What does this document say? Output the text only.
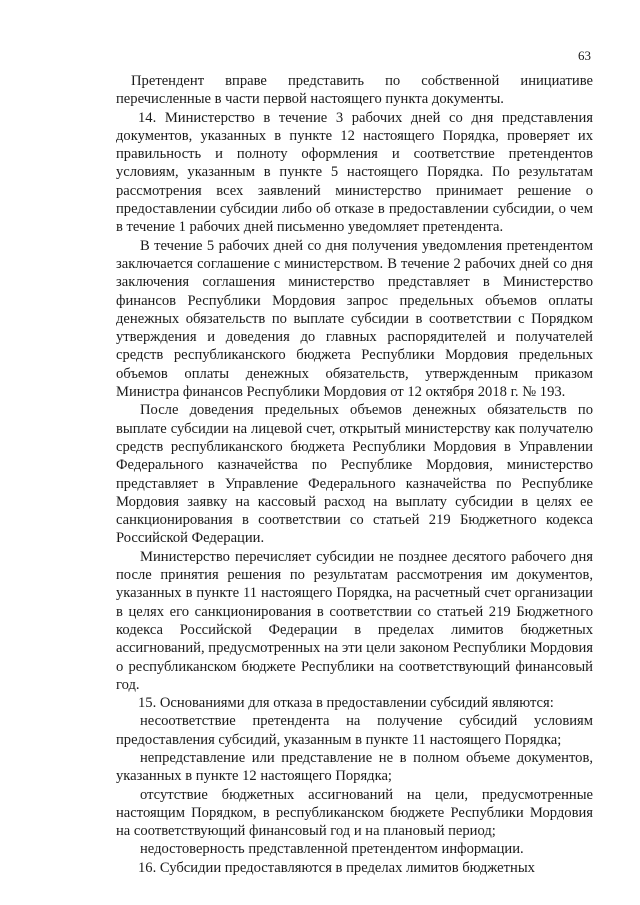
63

Претендент вправе представить по собственной инициативе перечисленные в части первой настоящего пункта документы.

14. Министерство в течение 3 рабочих дней со дня представления документов, указанных в пункте 12 настоящего Порядка, проверяет их правильность и полноту оформления и соответствие претендентов условиям, указанным в пункте 5 настоящего Порядка. По результатам рассмотрения всех заявлений министерство принимает решение о предоставлении субсидии либо об отказе в предоставлении субсидии, о чем в течение 1 рабочих дней письменно уведомляет претендента.

В течение 5 рабочих дней со дня получения уведомления претендентом заключается соглашение с министерством. В течение 2 рабочих дней со дня заключения соглашения министерство представляет в Министерство финансов Республики Мордовия запрос предельных объемов оплаты денежных обязательств по выплате субсидии в соответствии с Порядком утверждения и доведения до главных распорядителей и получателей средств республиканского бюджета Республики Мордовия предельных объемов оплаты денежных обязательств, утвержденным приказом Министра финансов Республики Мордовия от 12 октября 2018 г. № 193.

После доведения предельных объемов денежных обязательств по выплате субсидии на лицевой счет, открытый министерству как получателю средств республиканского бюджета Республики Мордовия в Управлении Федерального казначейства по Республике Мордовия, министерство представляет в Управление Федерального казначейства по Республике Мордовия заявку на кассовый расход на выплату субсидии в целях ее санкционирования в соответствии со статьей 219 Бюджетного кодекса Российской Федерации.

Министерство перечисляет субсидии не позднее десятого рабочего дня после принятия решения по результатам рассмотрения им документов, указанных в пункте 11 настоящего Порядка, на расчетный счет организации в целях его санкционирования в соответствии со статьей 219 Бюджетного кодекса Российской Федерации в пределах лимитов бюджетных ассигнований, предусмотренных на эти цели законом Республики Мордовия о республиканском бюджете Республики на соответствующий финансовый год.

15. Основаниями для отказа в предоставлении субсидий являются:

несоответствие претендента на получение субсидий условиям предоставления субсидий, указанным в пункте 11 настоящего Порядка;

непредставление или представление не в полном объеме документов, указанных в пункте 12 настоящего Порядка;

отсутствие бюджетных ассигнований на цели, предусмотренные настоящим Порядком, в республиканском бюджете Республики Мордовия на соответствующий финансовый год и на плановый период;

недостоверность представленной претендентом информации.

16. Субсидии предоставляются в пределах лимитов бюджетных
